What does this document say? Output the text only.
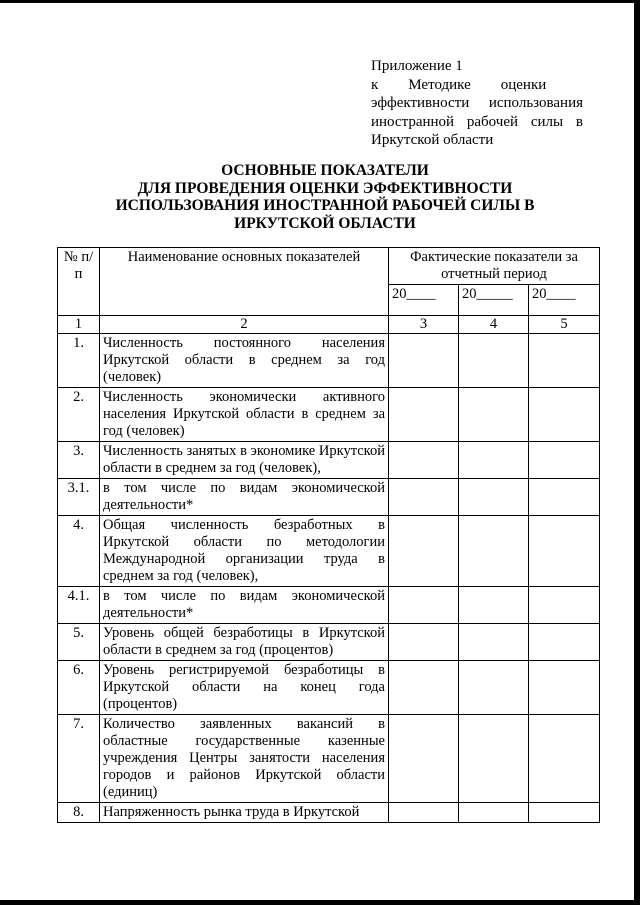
Приложение 1
к        Методике        оценки
эффективности использования
иностранной рабочей силы в
Иркутской области
ОСНОВНЫЕ ПОКАЗАТЕЛИ
ДЛЯ ПРОВЕДЕНИЯ ОЦЕНКИ ЭФФЕКТИВНОСТИ
ИСПОЛЬЗОВАНИЯ ИНОСТРАННОЙ РАБОЧЕЙ СИЛЫ В
ИРКУТСКОЙ ОБЛАСТИ
№ п/п	Наименование основных показателей	Фактические показатели за отчетный период		
		20____	20_____	20____
1	2	3	4	5
1.	Численность постоянного населения Иркутской области в среднем за год (человек)			
2.	Численность экономически активного населения Иркутской области в среднем за год (человек)			
3.	Численность занятых в экономике Иркутской области в среднем за год (человек),			
3.1.	в том числе по видам экономической деятельности*			
4.	Общая численность безработных в Иркутской области по методологии Международной организации труда в среднем за год (человек),			
4.1.	в том числе по видам экономической деятельности*			
5.	Уровень общей безработицы в Иркутской области в среднем за год (процентов)			
6.	Уровень регистрируемой безработицы в Иркутской области на конец года (процентов)			
7.	Количество заявленных вакансий в областные государственные казенные учреждения Центры занятости населения городов и районов Иркутской области (единиц)			
8.	Напряженность рынка труда в Иркутской			
